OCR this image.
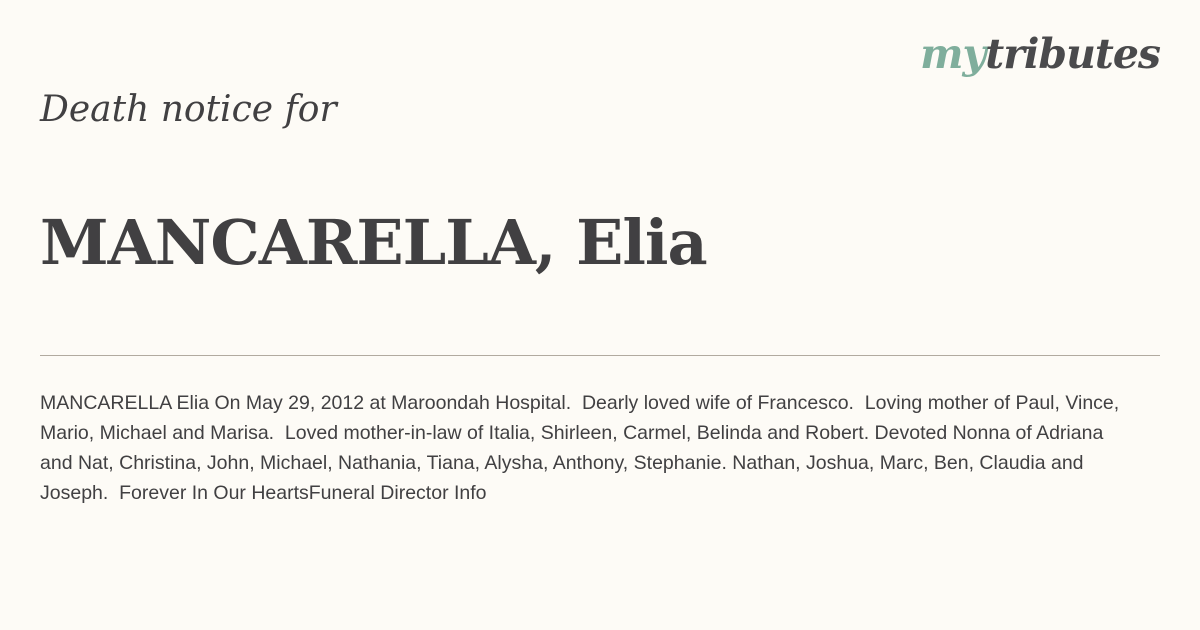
mytributes
Death notice for
MANCARELLA, Elia

MANCARELLA Elia On May 29, 2012 at Maroondah Hospital.  Dearly loved wife of Francesco.  Loving mother of Paul, Vince, Mario, Michael and Marisa.  Loved mother-in-law of Italia, Shirleen, Carmel, Belinda and Robert. Devoted Nonna of Adriana and Nat, Christina, John, Michael, Nathania, Tiana, Alysha, Anthony, Stephanie. Nathan, Joshua, Marc, Ben, Claudia and Joseph.  Forever In Our HeartsFuneral Director Info
